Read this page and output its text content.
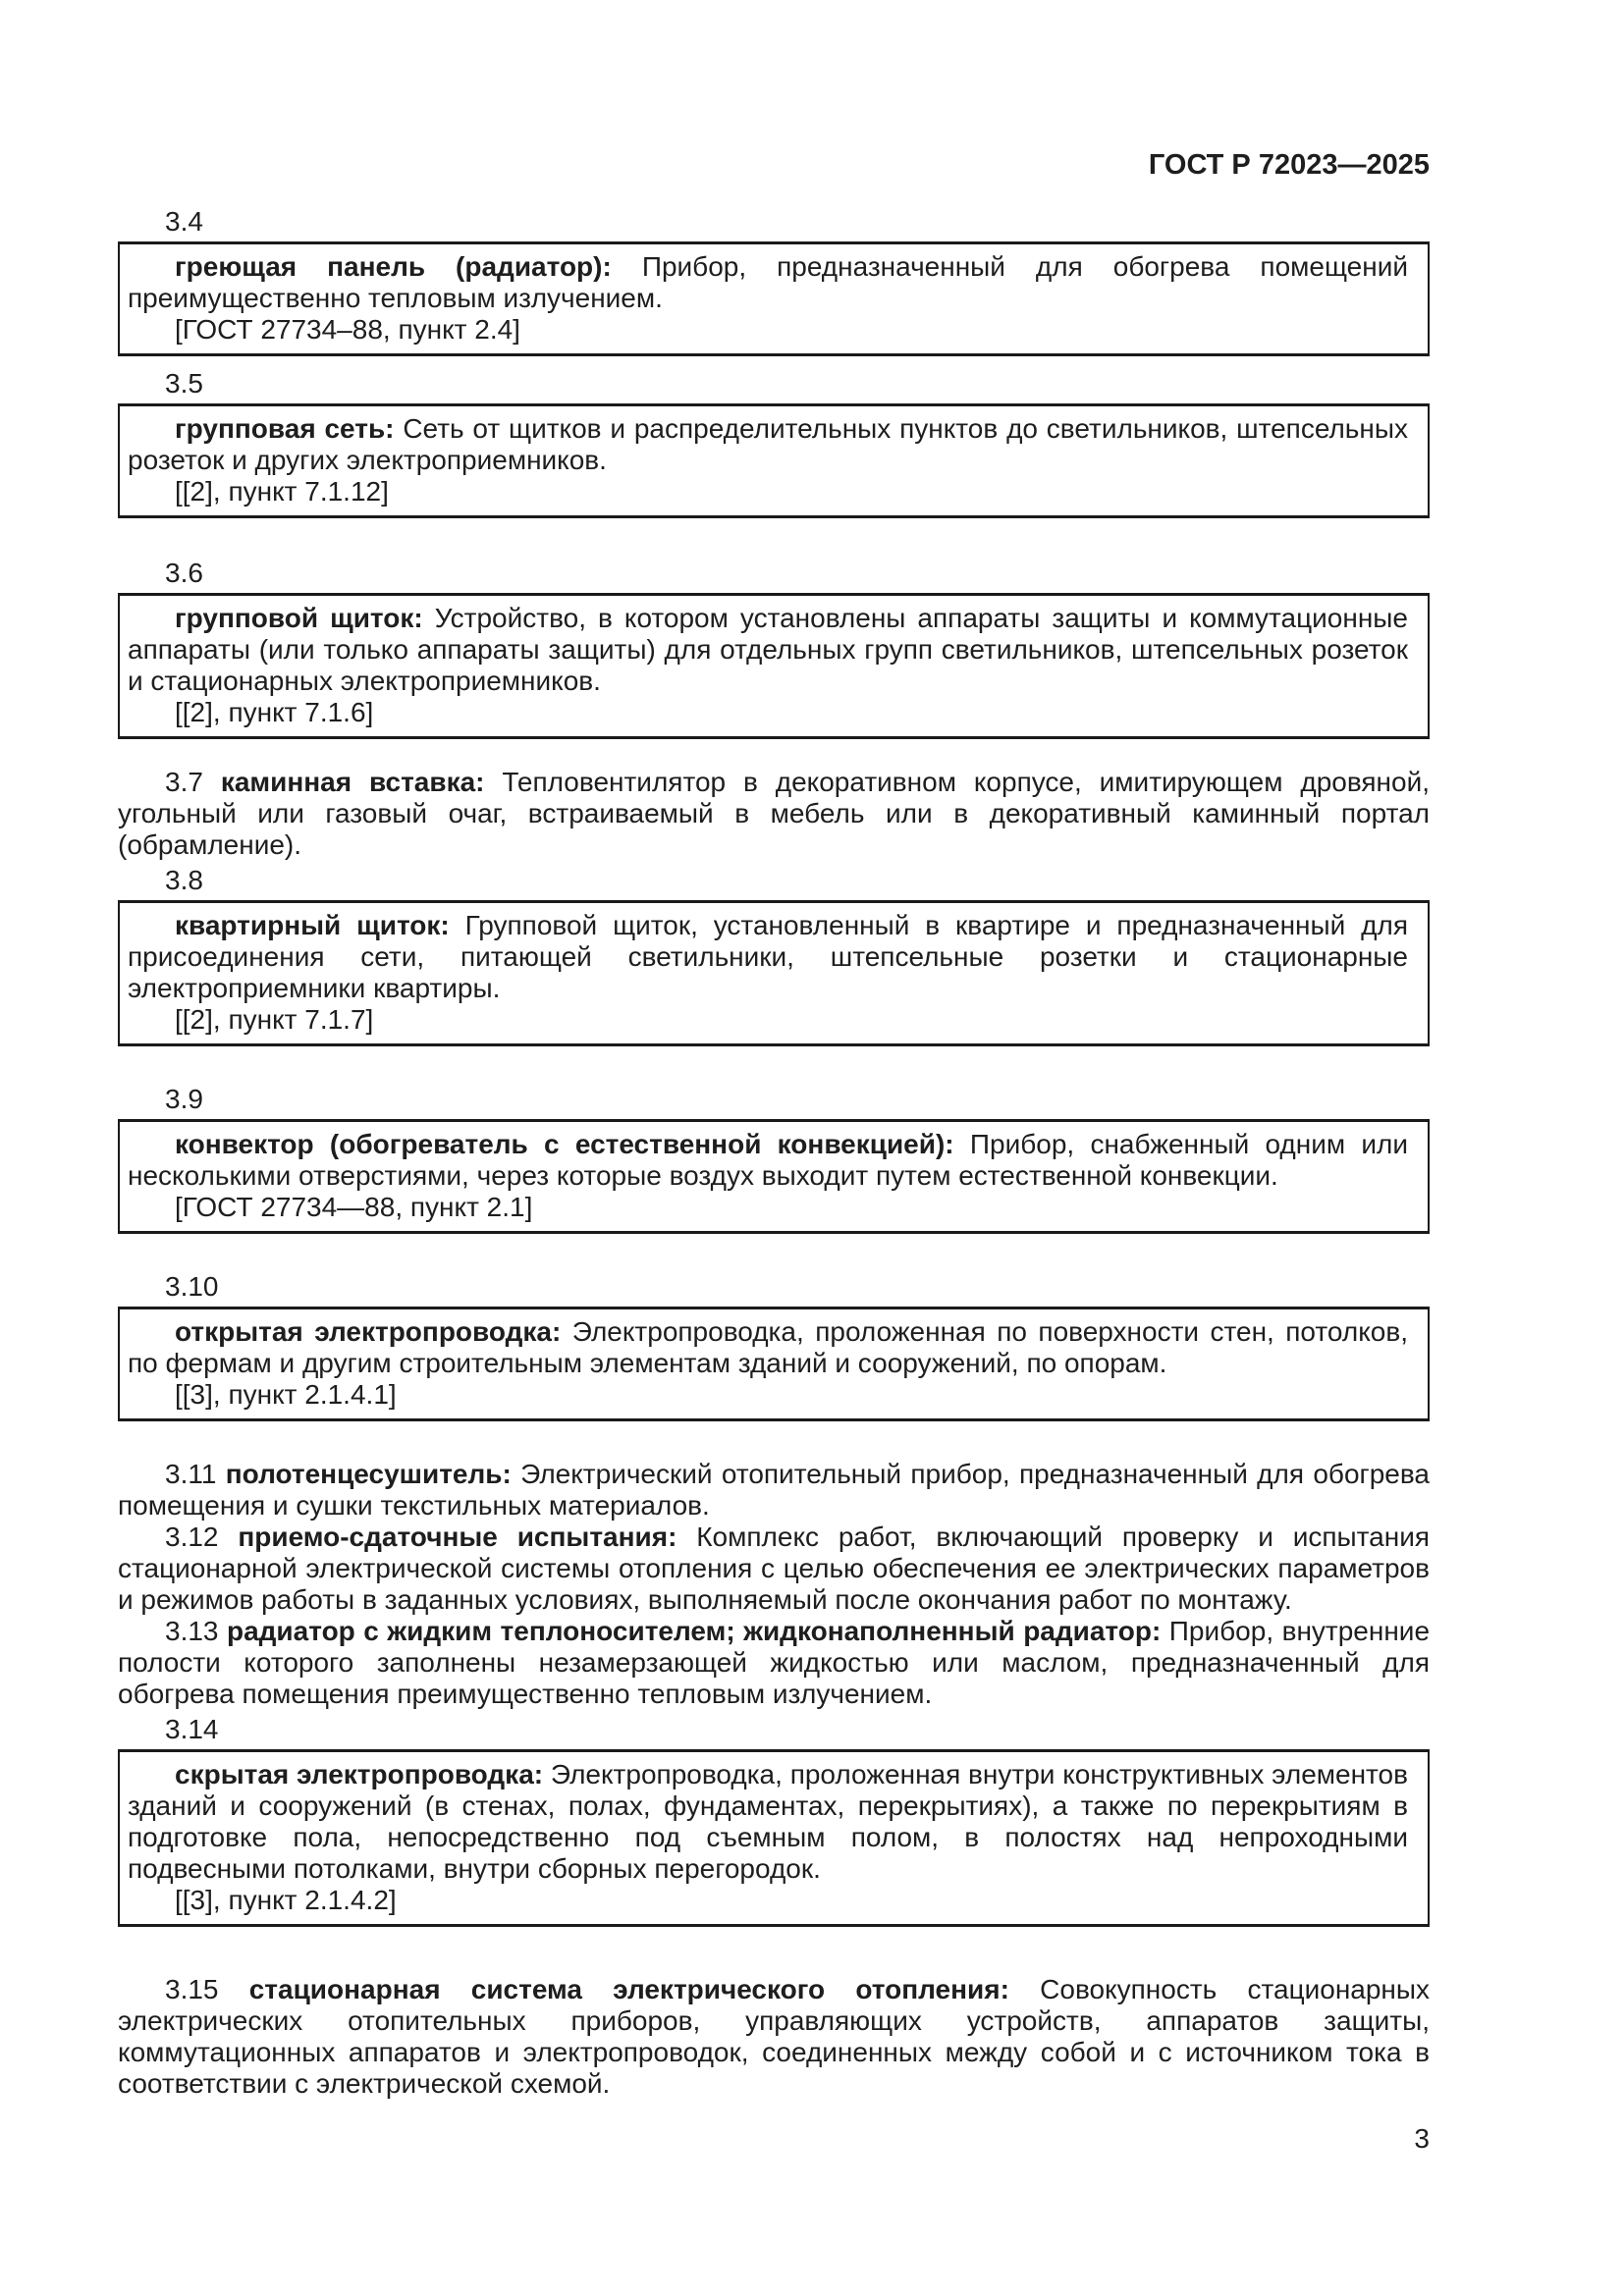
ГОСТ Р 72023—2025

3.4

греющая панель (радиатор): Прибор, предназначенный для обогрева помещений преимущественно тепловым излучением.

[ГОСТ 27734–88, пункт 2.4]

3.5

групповая сеть: Сеть от щитков и распределительных пунктов до светильников, штепсельных розеток и других электроприемников.

[[2], пункт 7.1.12]

3.6

групповой щиток: Устройство, в котором установлены аппараты защиты и коммутационные аппараты (или только аппараты защиты) для отдельных групп светильников, штепсельных розеток и стационарных электроприемников.

[[2], пункт 7.1.6]

3.7 каминная вставка: Тепловентилятор в декоративном корпусе, имитирующем дровяной, угольный или газовый очаг, встраиваемый в мебель или в декоративный каминный портал (обрамление).

3.8

квартирный щиток: Групповой щиток, установленный в квартире и предназначенный для присоединения сети, питающей светильники, штепсельные розетки и стационарные электроприемники квартиры.

[[2], пункт 7.1.7]

3.9

конвектор (обогреватель с естественной конвекцией): Прибор, снабженный одним или несколькими отверстиями, через которые воздух выходит путем естественной конвекции.

[ГОСТ 27734—88, пункт 2.1]

3.10

открытая электропроводка: Электропроводка, проложенная по поверхности стен, потолков, по фермам и другим строительным элементам зданий и сооружений, по опорам.

[[3], пункт 2.1.4.1]

3.11 полотенцесушитель: Электрический отопительный прибор, предназначенный для обогрева помещения и сушки текстильных материалов.

3.12 приемо-сдаточные испытания: Комплекс работ, включающий проверку и испытания стационарной электрической системы отопления с целью обеспечения ее электрических параметров и режимов работы в заданных условиях, выполняемый после окончания работ по монтажу.

3.13 радиатор с жидким теплоносителем; жидконаполненный радиатор: Прибор, внутренние полости которого заполнены незамерзающей жидкостью или маслом, предназначенный для обогрева помещения преимущественно тепловым излучением.

3.14

скрытая электропроводка: Электропроводка, проложенная внутри конструктивных элементов зданий и сооружений (в стенах, полах, фундаментах, перекрытиях), а также по перекрытиям в подготовке пола, непосредственно под съемным полом, в полостях над непроходными подвесными потолками, внутри сборных перегородок.

[[3], пункт 2.1.4.2]

3.15 стационарная система электрического отопления: Совокупность стационарных электрических отопительных приборов, управляющих устройств, аппаратов защиты, коммутационных аппаратов и электропроводок, соединенных между собой и с источником тока в соответствии с электрической схемой.

3
